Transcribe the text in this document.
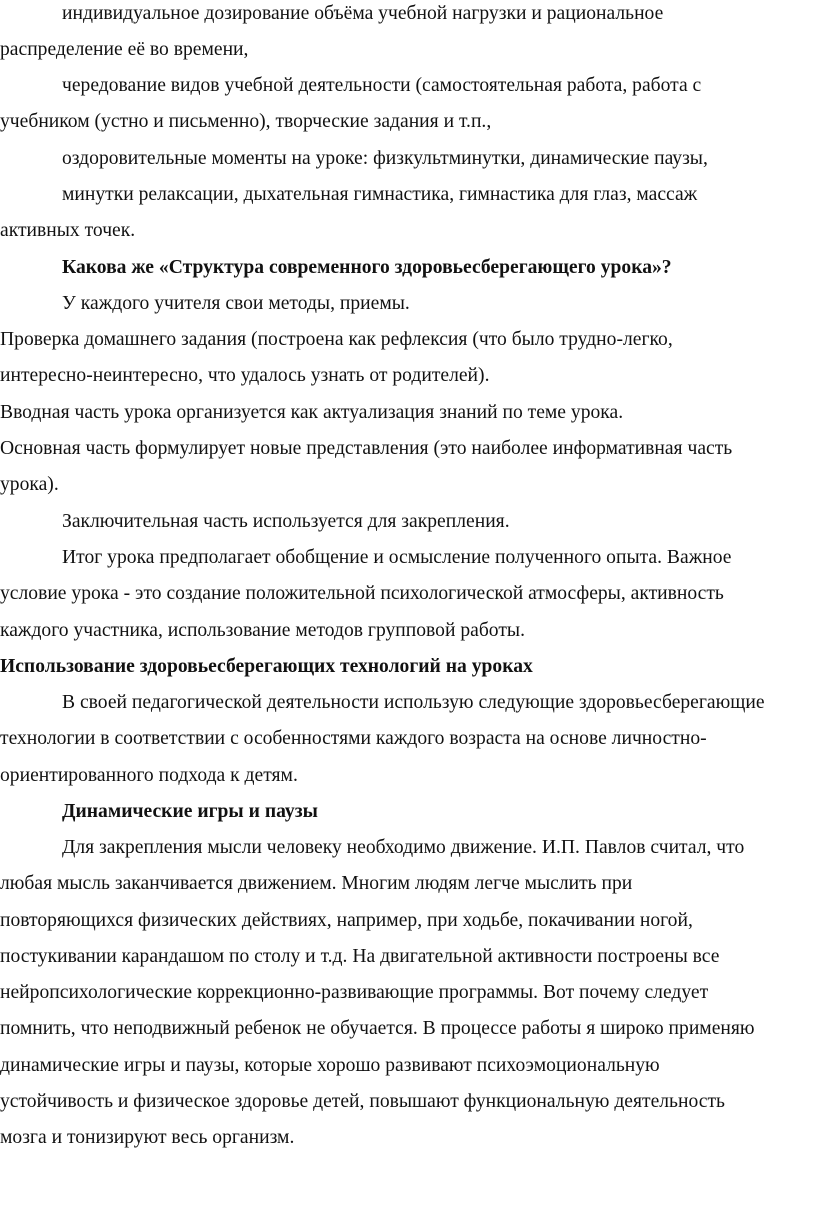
индивидуальное дозирование объёма учебной нагрузки и рациональное
распределение её во времени,
чередование видов учебной деятельности (самостоятельная работа, работа с
учебником (устно и письменно), творческие задания и т.п.,
оздоровительные моменты на уроке: физкультминутки, динамические паузы,
минутки релаксации, дыхательная гимнастика, гимнастика для глаз, массаж
активных точек.
Какова же «Структура современного здоровьесберегающего урока»?
У каждого учителя свои методы, приемы.
Проверка домашнего задания (построена как рефлексия (что было трудно-легко,
интересно-неинтересно, что удалось узнать от родителей).
Вводная часть урока организуется как актуализация знаний по теме урока.
Основная часть формулирует новые представления (это наиболее информативная часть
урока).
Заключительная часть используется для закрепления.
Итог урока предполагает обобщение и осмысление полученного опыта. Важное
условие урока - это создание положительной психологической атмосферы, активность
каждого участника, использование методов групповой работы.
Использование здоровьесберегающих технологий на уроках
В своей педагогической деятельности использую следующие здоровьесберегающие
технологии в соответствии с особенностями каждого возраста на основе личностно-
ориентированного подхода к детям.
Динамические игры и паузы
Для закрепления мысли человеку необходимо движение. И.П. Павлов считал, что
любая мысль заканчивается движением. Многим людям легче мыслить при
повторяющихся физических действиях, например, при ходьбе, покачивании ногой,
постукивании карандашом по столу и т.д. На двигательной активности построены все
нейропсихологические коррекционно-развивающие программы. Вот почему следует
помнить, что неподвижный ребенок не обучается. В процессе работы я широко применяю
динамические игры и паузы, которые хорошо развивают психоэмоциональную
устойчивость и физическое здоровье детей, повышают функциональную деятельность
мозга и тонизируют весь организм.
